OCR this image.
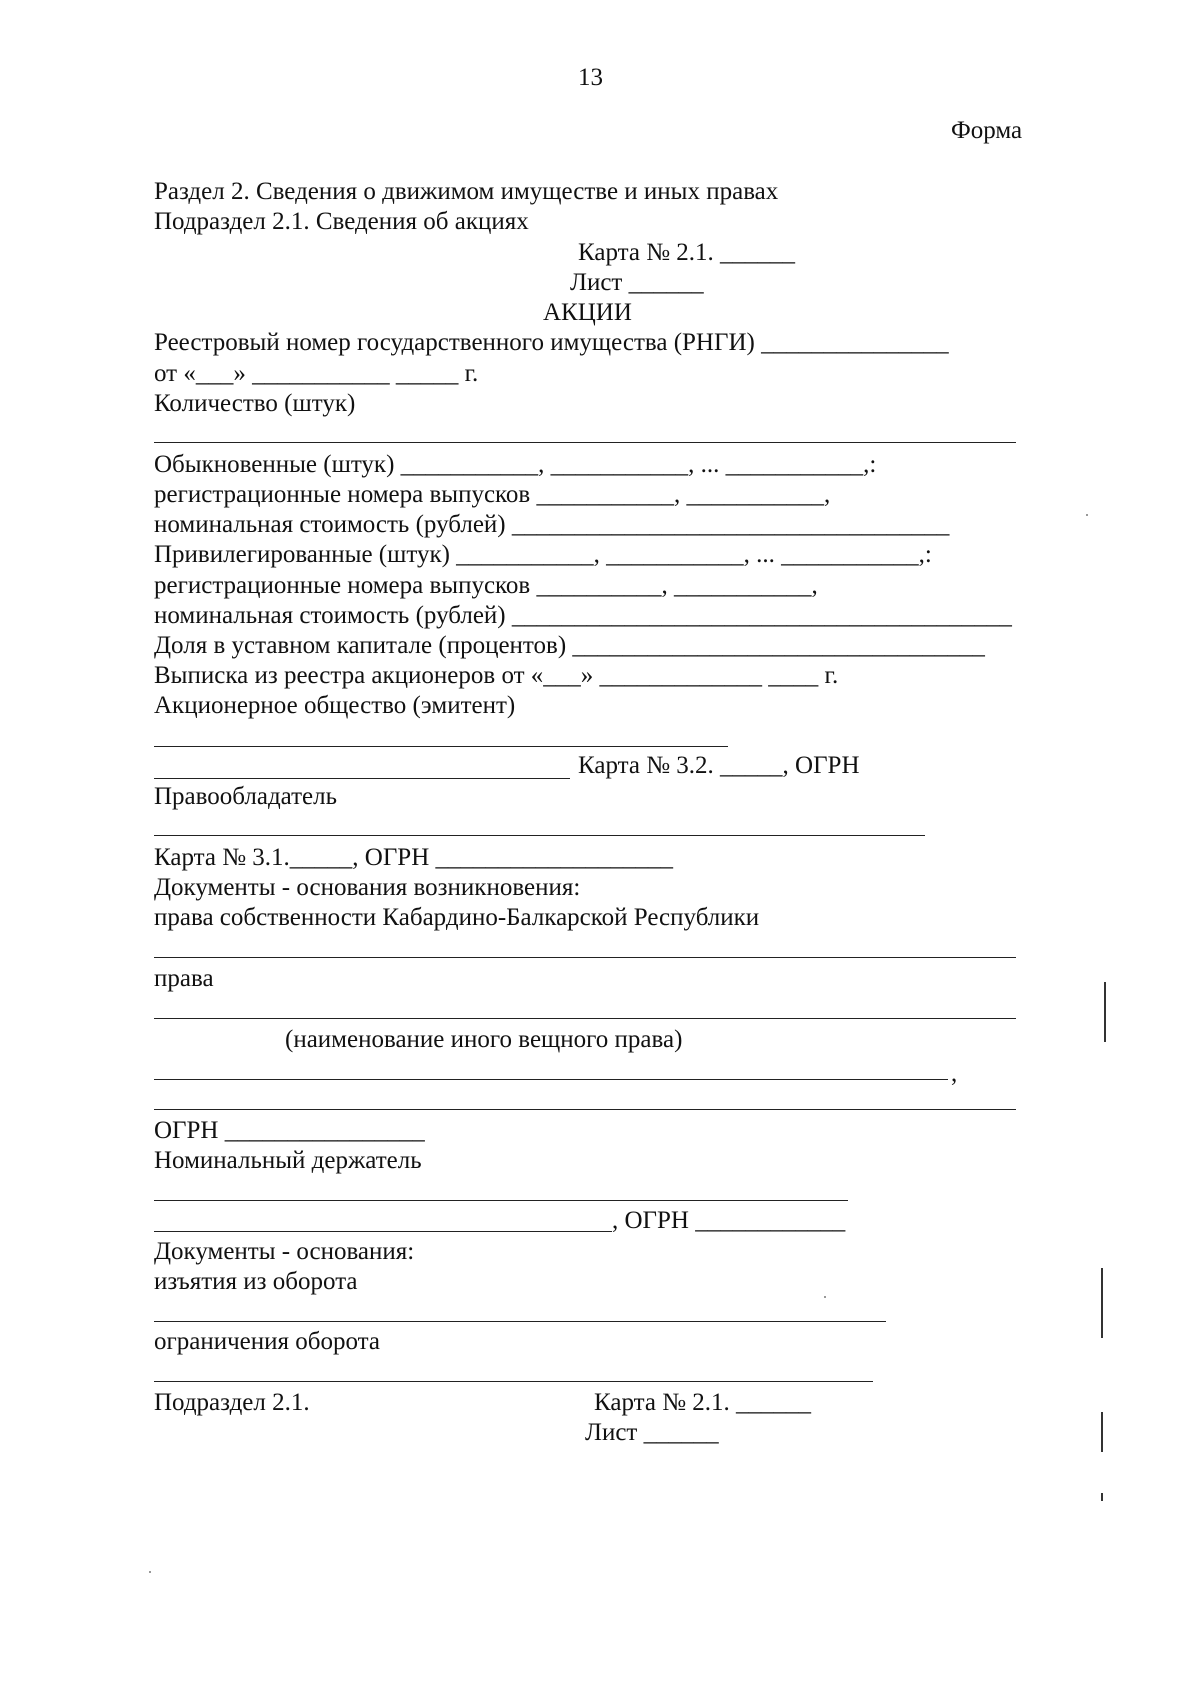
13
Форма
Раздел 2. Сведения о движимом имуществе и иных правах
Подраздел 2.1. Сведения об акциях
Карта № 2.1. ______
Лист ______
АКЦИИ
Реестровый номер государственного имущества (РНГИ) _______________
от «___» ___________ _____ г.
Количество (штук)
Обыкновенные (штук) ___________, ___________, ... ___________,:
регистрационные номера выпусков ___________, ___________,
номинальная стоимость (рублей) ___________________________________
Привилегированные (штук) ___________, ___________, ... ___________,:
регистрационные номера выпусков __________, ___________,
номинальная стоимость (рублей) ________________________________________
Доля в уставном капитале (процентов) _________________________________
Выписка из реестра акционеров от «___» _____________ ____ г.
Акционерное общество (эмитент)
Карта № 3.2. _____, ОГРН
Правообладатель
Карта № 3.1._____, ОГРН ___________________
Документы - основания возникновения:
права собственности Кабардино-Балкарской Республики
права
(наименование иного вещного права)
,
ОГРН ________________
Номинальный держатель
, ОГРН ____________
Документы - основания:
изъятия из оборота
ограничения оборота
Подраздел 2.1.	Карта № 2.1. ______
Лист ______
